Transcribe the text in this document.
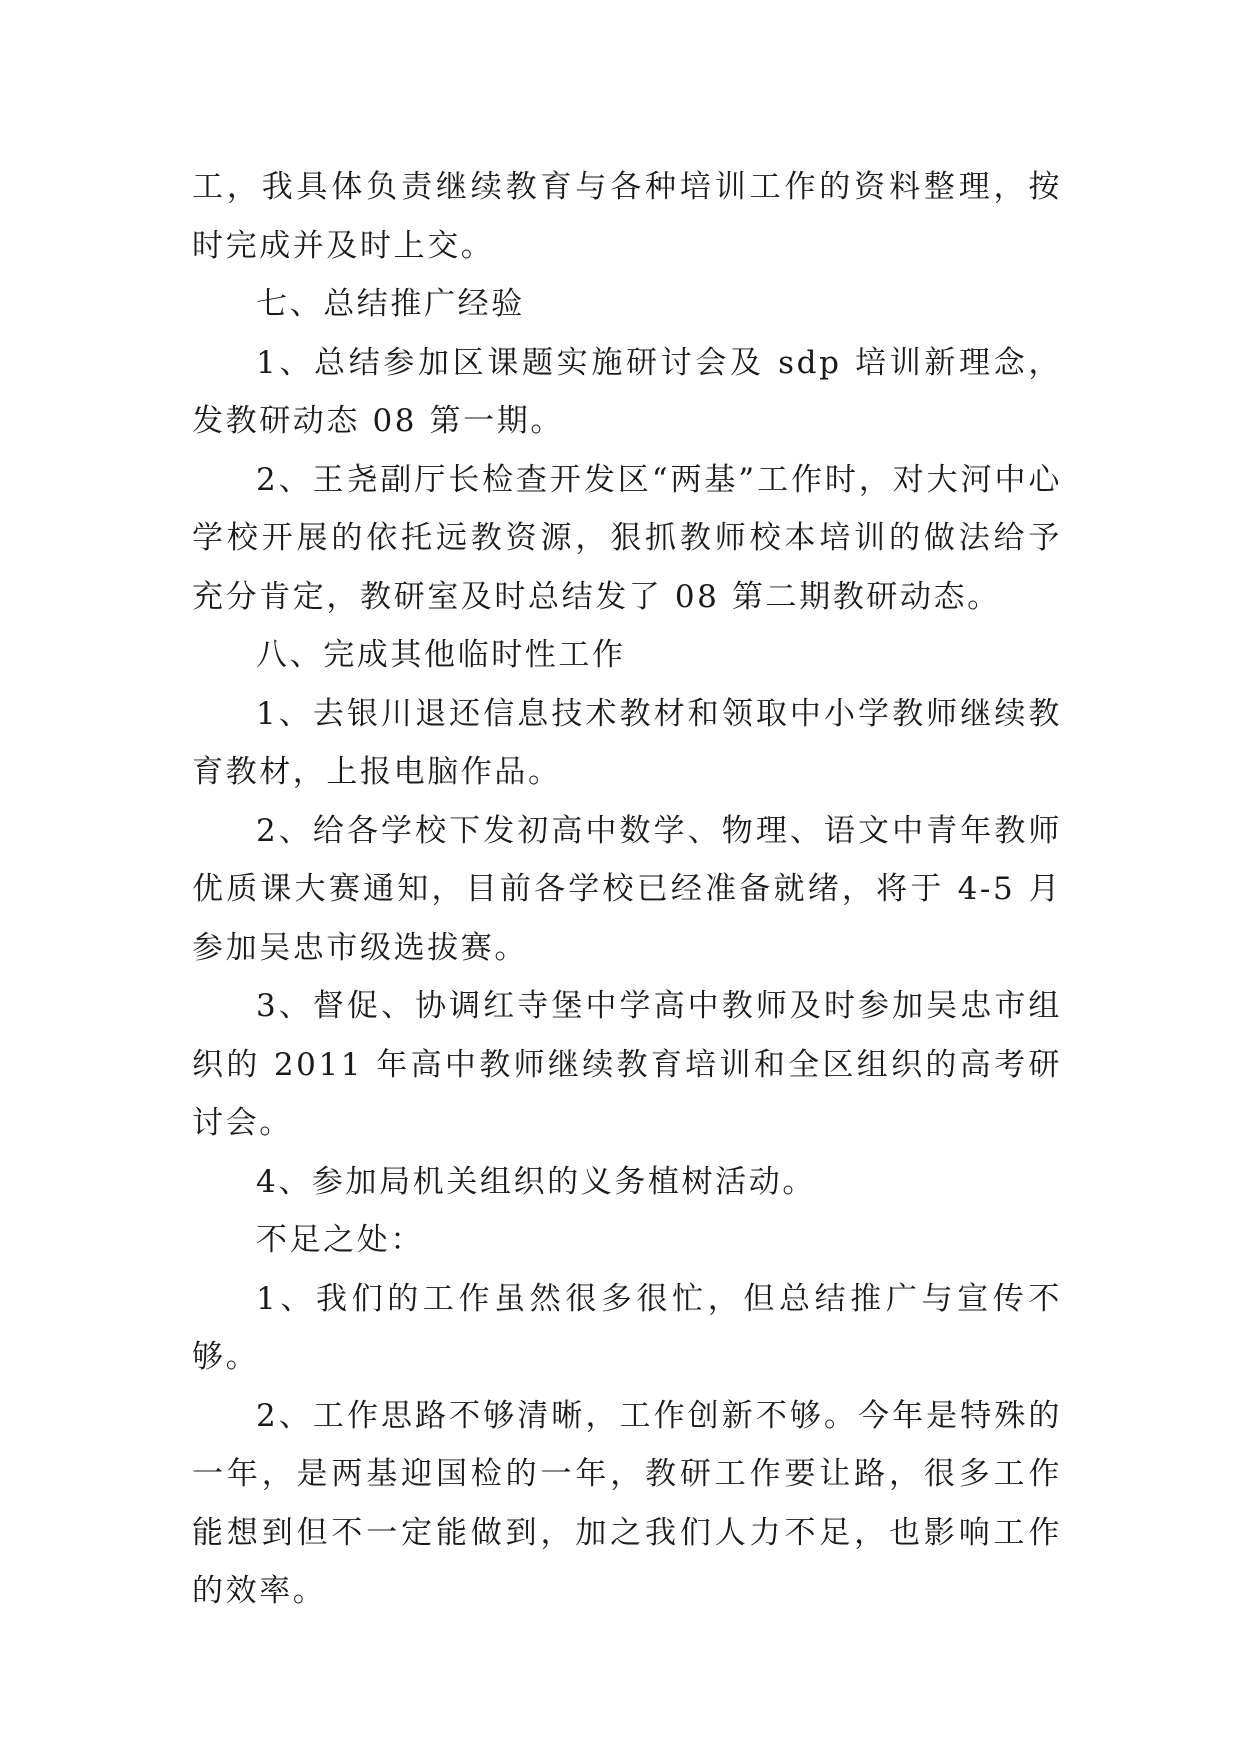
工，我具体负责继续教育与各种培训工作的资料整理，按时完成并及时上交。

七、总结推广经验

1、总结参加区课题实施研讨会及 sdp 培训新理念，发教研动态 08 第一期。

2、王尧副厅长检查开发区“两基”工作时，对大河中心学校开展的依托远教资源，狠抓教师校本培训的做法给予充分肯定，教研室及时总结发了 08 第二期教研动态。

八、完成其他临时性工作

1、去银川退还信息技术教材和领取中小学教师继续教育教材，上报电脑作品。

2、给各学校下发初高中数学、物理、语文中青年教师优质课大赛通知，目前各学校已经准备就绪，将于 4-5 月参加吴忠市级选拔赛。

3、督促、协调红寺堡中学高中教师及时参加吴忠市组织的 2011 年高中教师继续教育培训和全区组织的高考研讨会。

4、参加局机关组织的义务植树活动。

不足之处：

1、我们的工作虽然很多很忙，但总结推广与宣传不够。

2、工作思路不够清晰，工作创新不够。今年是特殊的一年，是两基迎国检的一年，教研工作要让路，很多工作能想到但不一定能做到，加之我们人力不足，也影响工作的效率。
